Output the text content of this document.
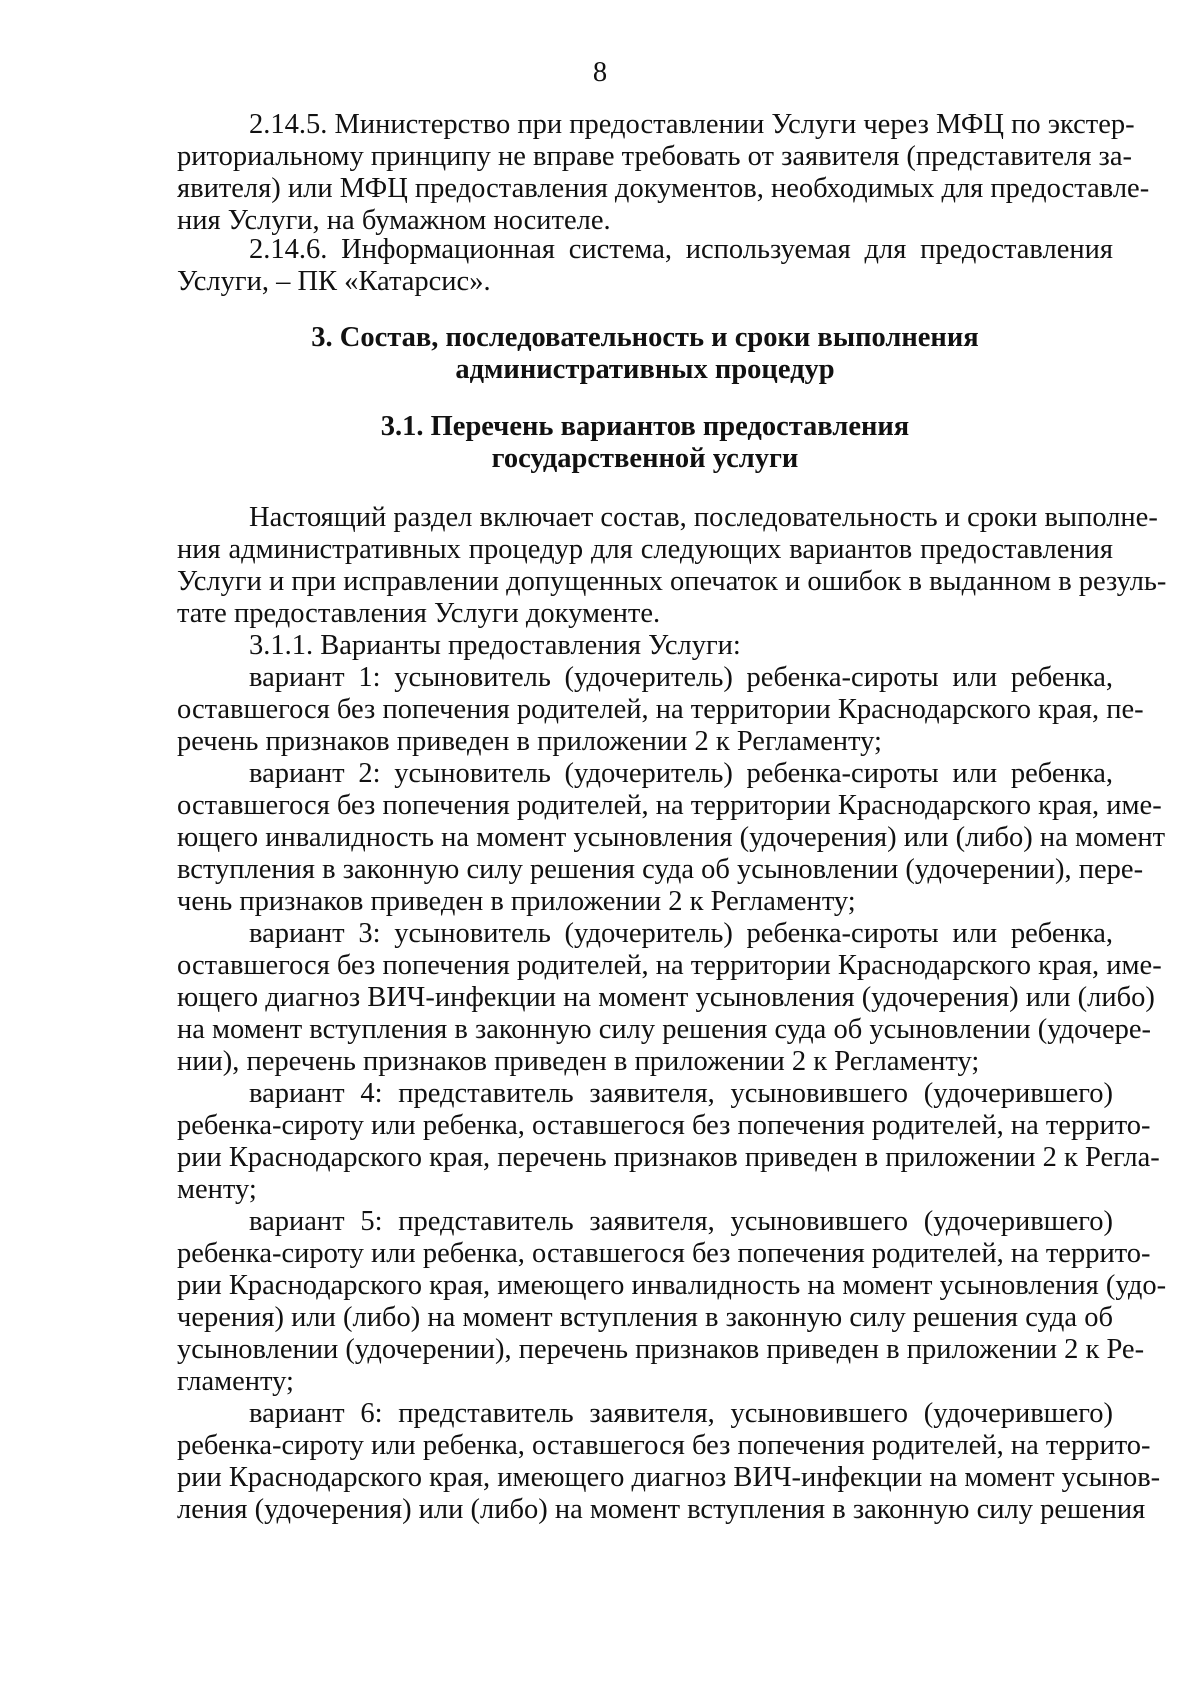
8
2.14.5. Министерство при предоставлении Услуги через МФЦ по экстер-
риториальному принципу не вправе требовать от заявителя (представителя за-
явителя) или МФЦ предоставления документов, необходимых для предоставле-
ния Услуги, на бумажном носителе.
2.14.6. Информационная система, используемая для предоставления
Услуги, – ПК «Катарсис».
3. Состав, последовательность и сроки выполнения
административных процедур
3.1. Перечень вариантов предоставления
государственной услуги
Настоящий раздел включает состав, последовательность и сроки выполне-
ния административных процедур для следующих вариантов предоставления
Услуги и при исправлении допущенных опечаток и ошибок в выданном в резуль-
тате предоставления Услуги документе.
3.1.1. Варианты предоставления Услуги:
вариант 1: усыновитель (удочеритель) ребенка-сироты или ребенка,
оставшегося без попечения родителей, на территории Краснодарского края, пе-
речень признаков приведен в приложении 2 к Регламенту;
вариант 2: усыновитель (удочеритель) ребенка-сироты или ребенка,
оставшегося без попечения родителей, на территории Краснодарского края, име-
ющего инвалидность на момент усыновления (удочерения) или (либо) на момент
вступления в законную силу решения суда об усыновлении (удочерении), пере-
чень признаков приведен в приложении 2 к Регламенту;
вариант 3: усыновитель (удочеритель) ребенка-сироты или ребенка,
оставшегося без попечения родителей, на территории Краснодарского края, име-
ющего диагноз ВИЧ-инфекции на момент усыновления (удочерения) или (либо)
на момент вступления в законную силу решения суда об усыновлении (удочере-
нии), перечень признаков приведен в приложении 2 к Регламенту;
вариант 4: представитель заявителя, усыновившего (удочерившего)
ребенка-сироту или ребенка, оставшегося без попечения родителей, на террито-
рии Краснодарского края, перечень признаков приведен в приложении 2 к Регла-
менту;
вариант 5: представитель заявителя, усыновившего (удочерившего)
ребенка-сироту или ребенка, оставшегося без попечения родителей, на террито-
рии Краснодарского края, имеющего инвалидность на момент усыновления (удо-
черения) или (либо) на момент вступления в законную силу решения суда об
усыновлении (удочерении), перечень признаков приведен в приложении 2 к Ре-
гламенту;
вариант 6: представитель заявителя, усыновившего (удочерившего)
ребенка-сироту или ребенка, оставшегося без попечения родителей, на террито-
рии Краснодарского края, имеющего диагноз ВИЧ-инфекции на момент усынов-
ления (удочерения) или (либо) на момент вступления в законную силу решения
